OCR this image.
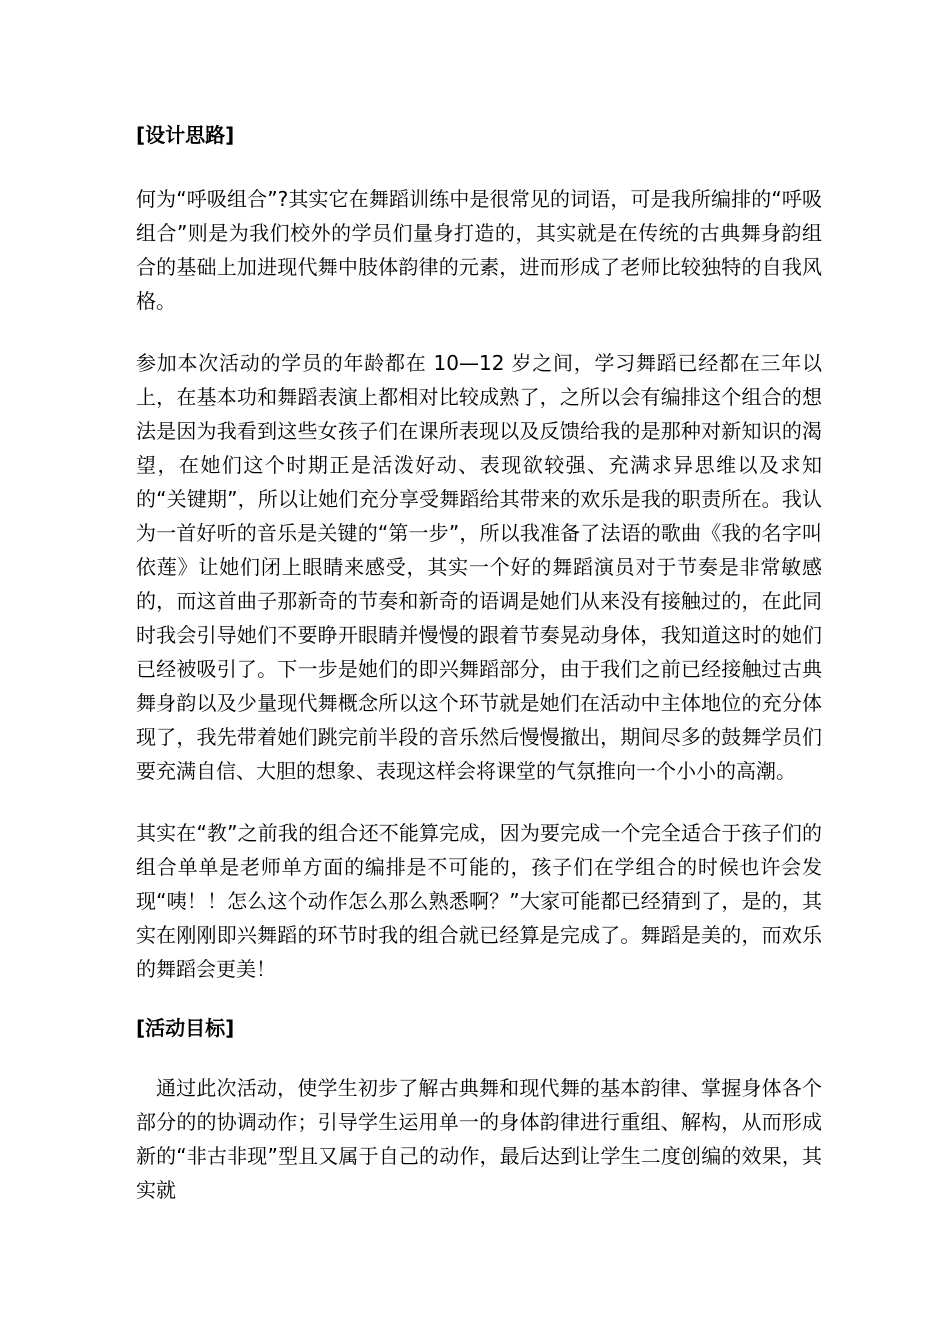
[设计思路]

何为“呼吸组合”?其实它在舞蹈训练中是很常见的词语，可是我所编排的“呼吸组合”则是为我们校外的学员们量身打造的，其实就是在传统的古典舞身韵组合的基础上加进现代舞中肢体韵律的元素，进而形成了老师比较独特的自我风格。

参加本次活动的学员的年龄都在 10—12 岁之间，学习舞蹈已经都在三年以上，在基本功和舞蹈表演上都相对比较成熟了，之所以会有编排这个组合的想法是因为我看到这些女孩子们在课所表现以及反馈给我的是那种对新知识的渴望，在她们这个时期正是活泼好动、表现欲较强、充满求异思维以及求知的“关键期”，所以让她们充分享受舞蹈给其带来的欢乐是我的职责所在。我认为一首好听的音乐是关键的“第一步”，所以我准备了法语的歌曲《我的名字叫依莲》让她们闭上眼睛来感受，其实一个好的舞蹈演员对于节奏是非常敏感的，而这首曲子那新奇的节奏和新奇的语调是她们从来没有接触过的，在此同时我会引导她们不要睁开眼睛并慢慢的跟着节奏晃动身体，我知道这时的她们已经被吸引了。下一步是她们的即兴舞蹈部分，由于我们之前已经接触过古典舞身韵以及少量现代舞概念所以这个环节就是她们在活动中主体地位的充分体现了，我先带着她们跳完前半段的音乐然后慢慢撤出，期间尽多的鼓舞学员们要充满自信、大胆的想象、表现这样会将课堂的气氛推向一个小小的高潮。

其实在“教”之前我的组合还不能算完成，因为要完成一个完全适合于孩子们的组合单单是老师单方面的编排是不可能的，孩子们在学组合的时候也许会发现“咦！！怎么这个动作怎么那么熟悉啊？”大家可能都已经猜到了，是的，其实在刚刚即兴舞蹈的环节时我的组合就已经算是完成了。舞蹈是美的，而欢乐的舞蹈会更美！

[活动目标]

通过此次活动，使学生初步了解古典舞和现代舞的基本韵律、掌握身体各个部分的的协调动作；引导学生运用单一的身体韵律进行重组、解构，从而形成新的“非古非现”型且又属于自己的动作，最后达到让学生二度创编的效果，其实就
